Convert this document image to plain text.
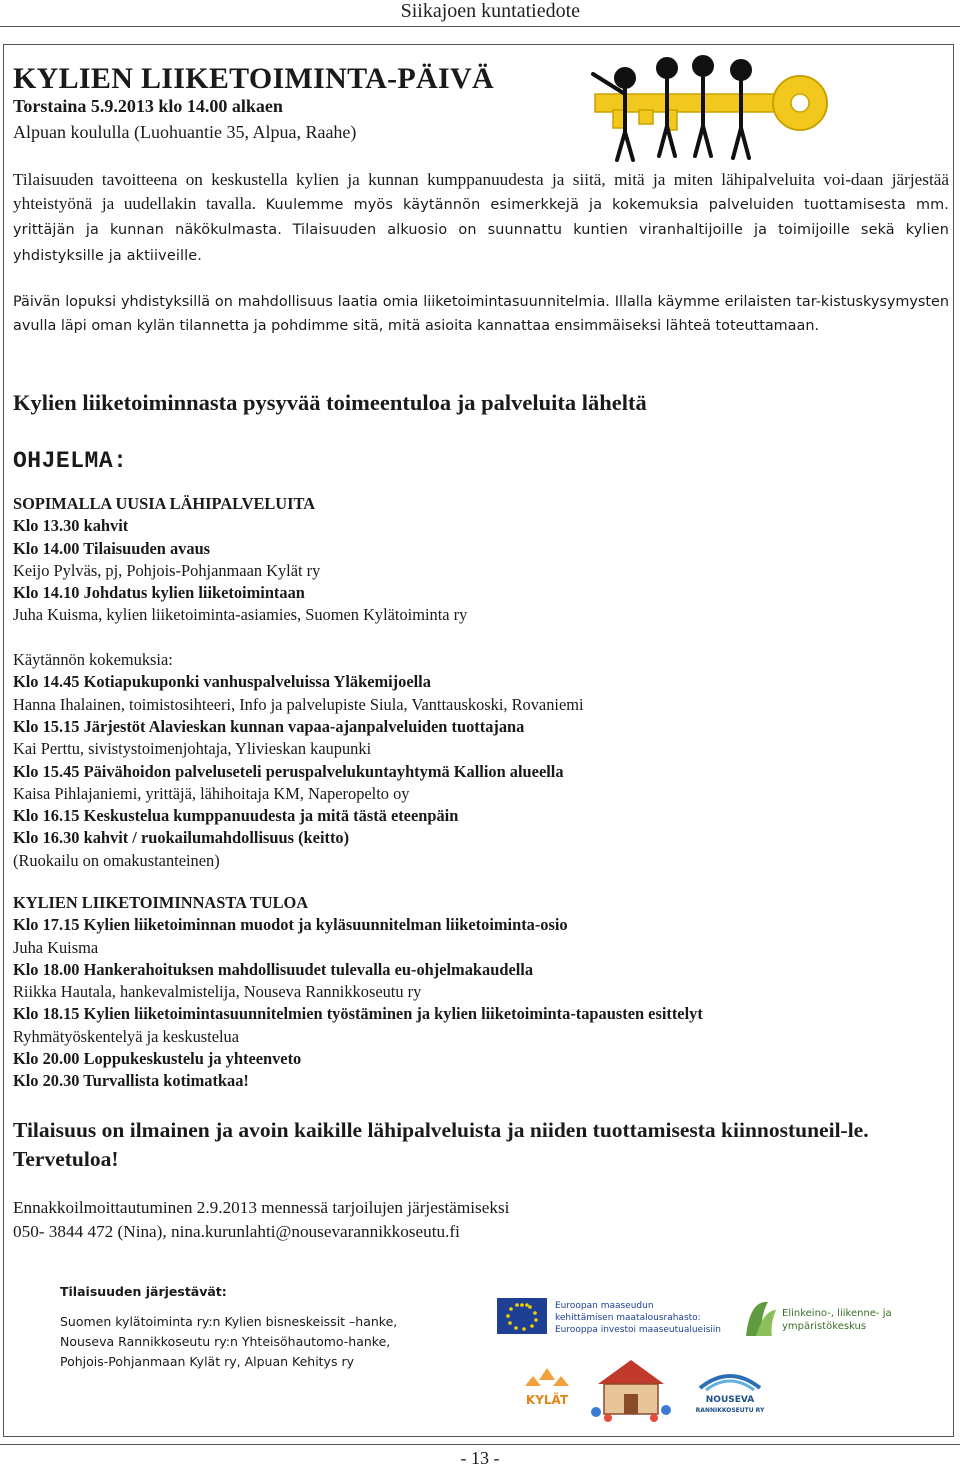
Siikajoen kuntatiedote
KYLIEN LIIKETOIMINTA-PÄIVÄ
Torstaina 5.9.2013 klo 14.00 alkaen
Alpuan koululla (Luohuantie 35, Alpua, Raahe)
Tilaisuuden tavoitteena on keskustella kylien ja kunnan kumppanuudesta ja siitä, mitä ja miten lähipalveluita voi-daan järjestää yhteistyönä ja uudellakin tavalla. Kuulemme myös käytännön esimerkkejä ja kokemuksia palveluiden tuottamisesta mm. yrittäjän ja kunnan näkökulmasta. Tilaisuuden alkuosio on suunnattu kuntien viranhaltijoille ja toimijoille sekä kylien yhdistyksille ja aktiiveille.
Päivän lopuksi yhdistyksillä on mahdollisuus laatia omia liiketoimintasuunnitelmia. Illalla käymme erilaisten tar-kistuskysymysten avulla läpi oman kylän tilannetta ja pohdimme sitä, mitä asioita kannattaa ensimmäiseksi lähteä toteuttamaan.
Kylien liiketoiminnasta pysyvää toimeentuloa ja palveluita läheltä
OHJELMA:
SOPIMALLA UUSIA LÄHIPALVELUITA
Klo 13.30 kahvit
Klo 14.00 Tilaisuuden avaus
Keijo Pylväs, pj, Pohjois-Pohjanmaan Kylät ry
Klo 14.10 Johdatus kylien liiketoimintaan
Juha Kuisma, kylien liiketoiminta-asiamies, Suomen Kylätoiminta ry
Käytännön kokemuksia:
Klo 14.45 Kotiapukuponki vanhuspalveluissa Yläkemijoella
Hanna Ihalainen, toimistosihteeri, Info ja palvelupiste Siula, Vanttauskoski, Rovaniemi
Klo 15.15 Järjestöt Alavieskan kunnan vapaa-ajanpalveluiden tuottajana
Kai Perttu, sivistystoimenjohtaja, Ylivieskan kaupunki
Klo 15.45 Päivähoidon palveluseteli peruspalvelukuntayhtymä Kallion alueella
Kaisa Pihlajaniemi, yrittäjä, lähihoitaja KM, Naperopelto oy
Klo 16.15 Keskustelua kumppanuudesta ja mitä tästä eteenpäin
Klo 16.30 kahvit / ruokailumahdollisuus (keitto)
(Ruokailu on omakustanteinen)
KYLIEN LIIKETOIMINNASTA TULOA
Klo 17.15 Kylien liiketoiminnan muodot ja kyläsuunnitelman liiketoiminta-osio
Juha Kuisma
Klo 18.00 Hankerahoituksen mahdollisuudet tulevalla eu-ohjelmakaudella
Riikka Hautala, hankevalmistelija, Nouseva Rannikkoseutu ry
Klo 18.15 Kylien liiketoimintasuunnitelmien työstäminen ja kylien liiketoiminta-tapausten esittelyt
Ryhmätyöskentelyä ja keskustelua
Klo 20.00 Loppukeskustelu ja yhteenveto
Klo 20.30 Turvallista kotimatkaa!
Tilaisuus on ilmainen ja avoin kaikille lähipalveluista ja niiden tuottamisesta kiinnostuneil-le. Tervetuloa!
Ennakkoilmoittautuminen 2.9.2013 mennessä tarjoilujen järjestämiseksi
050- 3844 472 (Nina), nina.kurunlahti@nousevarannikkoseutu.fi
Tilaisuuden järjestävät:
Suomen kylätoiminta ry:n Kylien bisneskeissit –hanke,
Nouseva Rannikkoseutu ry:n Yhteisöhautomo-hanke,
Pohjois-Pohjanmaan Kylät ry, Alpuan Kehitys ry
Euroopan maaseudun
kehittämisen maatalousrahasto:
Eurooppa investoi maaseutualueisiin
Elinkeino-, liikenne- ja
ympäristökeskus
KYLÄT	NOUSEVA
RANNIKKOSEUTU RY
- 13 -
